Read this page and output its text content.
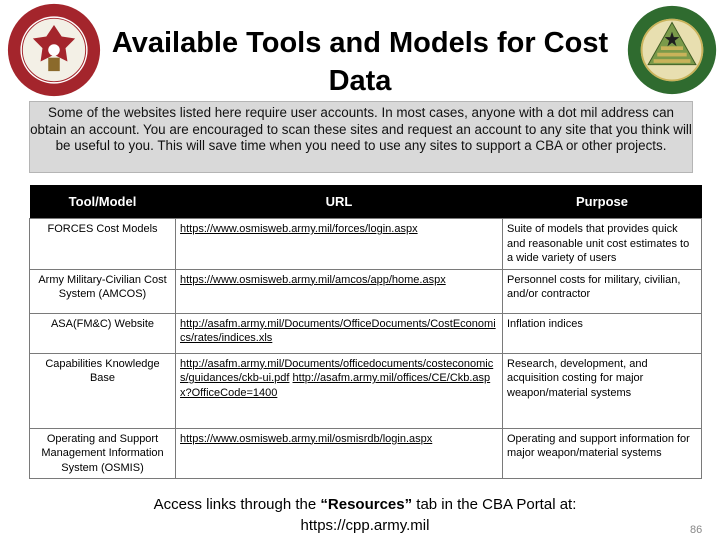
Available Tools and Models for Cost Data
Some of the websites listed here require user accounts. In most cases, anyone with a dot mil address can obtain an account. You are encouraged to scan these sites and request an account to any site that you think will be useful to you. This will save time when you need to use any sites to support a CBA or other projects.
Tool/Model	URL	Purpose
FORCES Cost Models	https://www.osmisweb.army.mil/forces/login.aspx	Suite of models that provides quick and reasonable unit cost estimates to a wide variety of users
Army Military-Civilian Cost System (AMCOS)	https://www.osmisweb.army.mil/amcos/app/home.aspx	Personnel costs for military, civilian, and/or contractor
ASA(FM&C) Website	http://asafm.army.mil/Documents/OfficeDocuments/CostEconomics/rates/indices.xls	Inflation indices
Capabilities Knowledge Base	http://asafm.army.mil/Documents/officedocuments/costeconomics/guidances/ckb-ui.pdf http://asafm.army.mil/offices/CE/Ckb.aspx?OfficeCode=1400	Research, development, and acquisition costing for major weapon/material systems
Operating and Support Management Information System (OSMIS)	https://www.osmisweb.army.mil/osmisrdb/login.aspx	Operating and support information for major weapon/material systems
Access links through the “Resources” tab in the CBA Portal at:
https://cpp.army.mil	86
